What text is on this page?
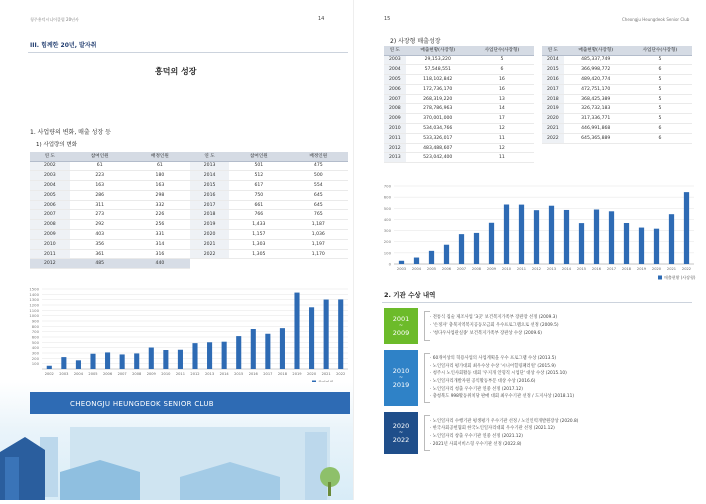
청주흥덕시니어클럽 20년사	14
III. 힘께한 20년, 발자취
흥덕의 성장
1. 사업량의 변화, 매출 성장 등
1) 사업량의 변화
연 도	참여인원	배정인원
2002	61	61
2003	223	180
2004	163	163
2005	286	298
2006	311	332
2007	273	226
2008	292	256
2009	403	331
2010	356	314
2011	361	316
2012	485	440
연 도	참여인원	배정인원
2013	501	475
2014	512	500
2015	617	554
2016	750	645
2017	661	645
2018	766	765
2019	1,433	1,187
2020	1,157	1,036
2021	1,303	1,197
2022	1,305	1,170
100
200
300
400
500
600
700
800
900
1000
1100
1200
1300
1400
1500
2002 2003 2004 2005 2006 2007 2008 2009 2010 2011 2012 2013 2014 2015 2016 2017 2018 2019 2020 2021 2022
CHEONGJU HEUNGDEOK SENIOR CLUB
15	Cheongju Heungdeok Senior Club
2) 사장형 매출성장
연 도	매출현황(사장형)	사업단수(사장형)
2003	29,153,220	5
2004	57,548,551	6
2005	118,102,842	16
2006	172,736,170	16
2007	268,319,220	13
2008	278,786,963	14
2009	370,001,000	17
2010	534,034,766	12
2011	533,326,017	11
2012	483,488,607	12
2013	523,042,400	11
연 도	매출현황(사장형)	사업단수(사장형)
2014	485,337,749	5
2015	366,998,772	6
2016	489,420,774	5
2017	472,751,170	5
2018	368,425,389	5
2019	326,732,183	5
2020	317,336,771	5
2021	446,991,868	6
2022	645,365,889	6
0
100
200
300
400
500
600
700
2003 2004 2005 2006 2007 2008 2009 2010 2011 2012 2013 2014 2015 2016 2017 2018 2019 2020 2021 2022
매출현황 (사장형)
2. 기관 수상 내역
2001
~
2009
· 전통식 집술 제조사업 '3곳' 보건복지가족부 장관장 선정 (2009.3)
· '손정자' 충북지역복지공동모금회 우수프로그램으로 선정 (2009.5)
· '청다우사업관실종' 보건복지가족부 장관상 수상 (2009.6)
2010
~
2019
· 60개이상의 혁용사업의 사업계획을 우수 프로그램 수상 (2013.5)
· 노인일자리 평가대회 최우수상 수상 '시니어힐링패러럴' (2015.9)
· 청주시 노인사회활동 대회 '우지개 안형직 시업단' 대상 수상 (2015.10)
· 노인일자리개발자원 공익활동부문 대상 수상 (2016.6)
· 노인일자리 청출 우수기관 연중 선정 (2017.12)
· 충청북도 998활동위치당 판매 대회 최우수기관 선정 / 도지사상 (2018.11)
2020
~
2022
· 노인일자리 수행기관 평생평가 우수기관 선정 / 노인인력개발원장상 (2020.8)
· 한국사회공헌협회 한국노인일자리대회 우수기관 선정 (2021.12)
· 노인일자리 창출 우수기관 연중 선정 (2021.12)
· 2021년 사회서비스형 우수기관 선정 (2022.8)
